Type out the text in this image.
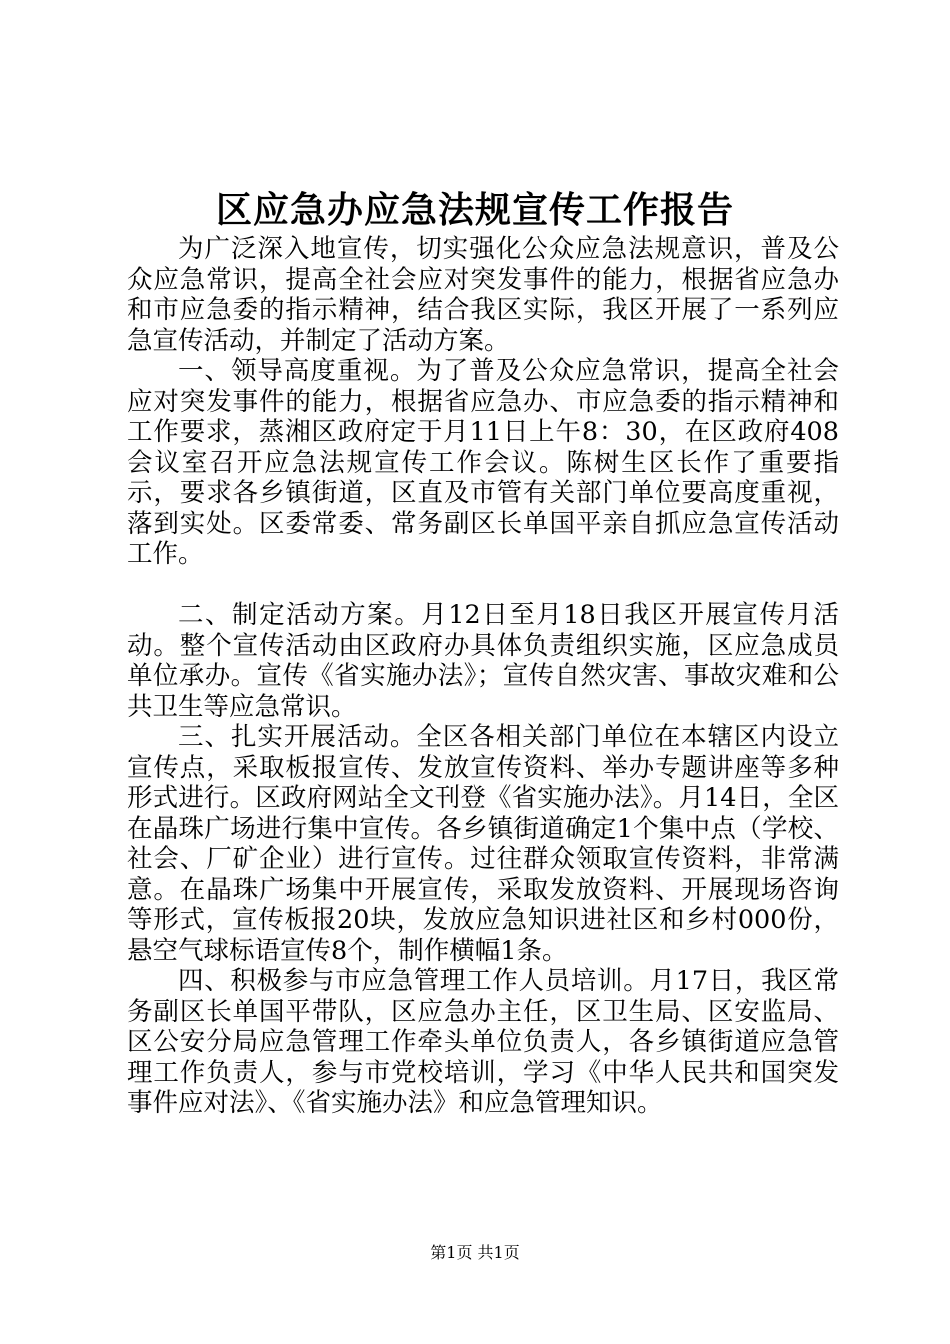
区应急办应急法规宣传工作报告

为广泛深入地宣传，切实强化公众应急法规意识，普及公众应急常识，提高全社会应对突发事件的能力，根据省应急办和市应急委的指示精神，结合我区实际，我区开展了一系列应急宣传活动，并制定了活动方案。

一、领导高度重视。为了普及公众应急常识，提高全社会应对突发事件的能力，根据省应急办、市应急委的指示精神和工作要求，蒸湘区政府定于月11日上午8：30，在区政府408会议室召开应急法规宣传工作会议。陈树生区长作了重要指示，要求各乡镇街道，区直及市管有关部门单位要高度重视，落到实处。区委常委、常务副区长单国平亲自抓应急宣传活动工作。

二、制定活动方案。月12日至月18日我区开展宣传月活动。整个宣传活动由区政府办具体负责组织实施，区应急成员单位承办。宣传《省实施办法》；宣传自然灾害、事故灾难和公共卫生等应急常识。

三、扎实开展活动。全区各相关部门单位在本辖区内设立宣传点，采取板报宣传、发放宣传资料、举办专题讲座等多种形式进行。区政府网站全文刊登《省实施办法》。月14日，全区在晶珠广场进行集中宣传。各乡镇街道确定1个集中点（学校、社会、厂矿企业）进行宣传。过往群众领取宣传资料，非常满意。在晶珠广场集中开展宣传，采取发放资料、开展现场咨询等形式，宣传板报20块，发放应急知识进社区和乡村000份，悬空气球标语宣传8个，制作横幅1条。

四、积极参与市应急管理工作人员培训。月17日，我区常务副区长单国平带队，区应急办主任，区卫生局、区安监局、区公安分局应急管理工作牵头单位负责人，各乡镇街道应急管理工作负责人，参与市党校培训，学习《中华人民共和国突发事件应对法》、《省实施办法》和应急管理知识。

第1页 共1页
